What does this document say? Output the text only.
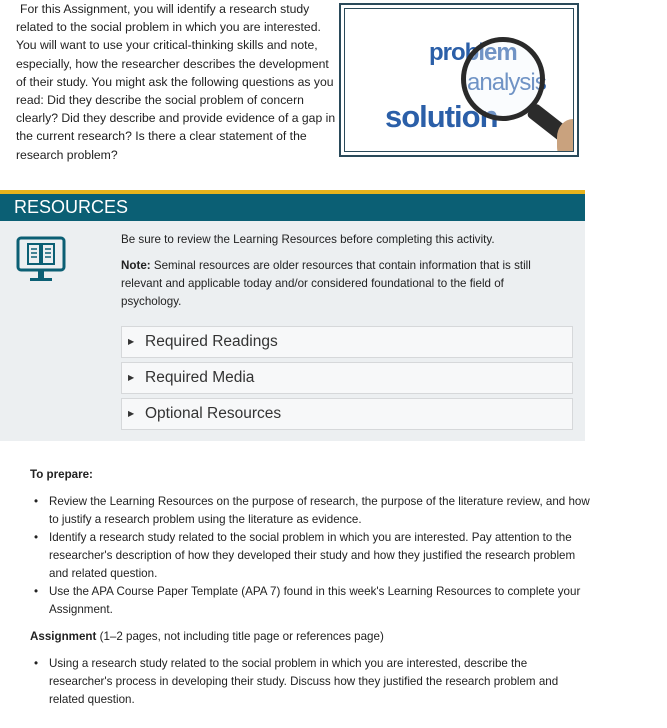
For this Assignment, you will identify a research study related to the social problem in which you are interested. You will want to use your critical-thinking skills and note, especially, how the researcher describes the development of their study. You might ask the following questions as you read: Did they describe the social problem of concern clearly? Did they describe and provide evidence of a gap in the current research? Is there a clear statement of the research problem?

problem
analysis
solution
RESOURCES

Be sure to review the Learning Resources before completing this activity.

Note: Seminal resources are older resources that contain information that is still relevant and applicable today and/or considered foundational to the field of psychology.

▶ Required Readings
▶ Required Media
▶ Optional Resources

To prepare:

• Review the Learning Resources on the purpose of research, the purpose of the literature review, and how to justify a research problem using the literature as evidence.
• Identify a research study related to the social problem in which you are interested. Pay attention to the researcher's description of how they developed their study and how they justified the research problem and related question.
• Use the APA Course Paper Template (APA 7) found in this week's Learning Resources to complete your Assignment.

Assignment (1–2 pages, not including title page or references page)

• Using a research study related to the social problem in which you are interested, describe the researcher's process in developing their study. Discuss how they justified the research problem and related question.
